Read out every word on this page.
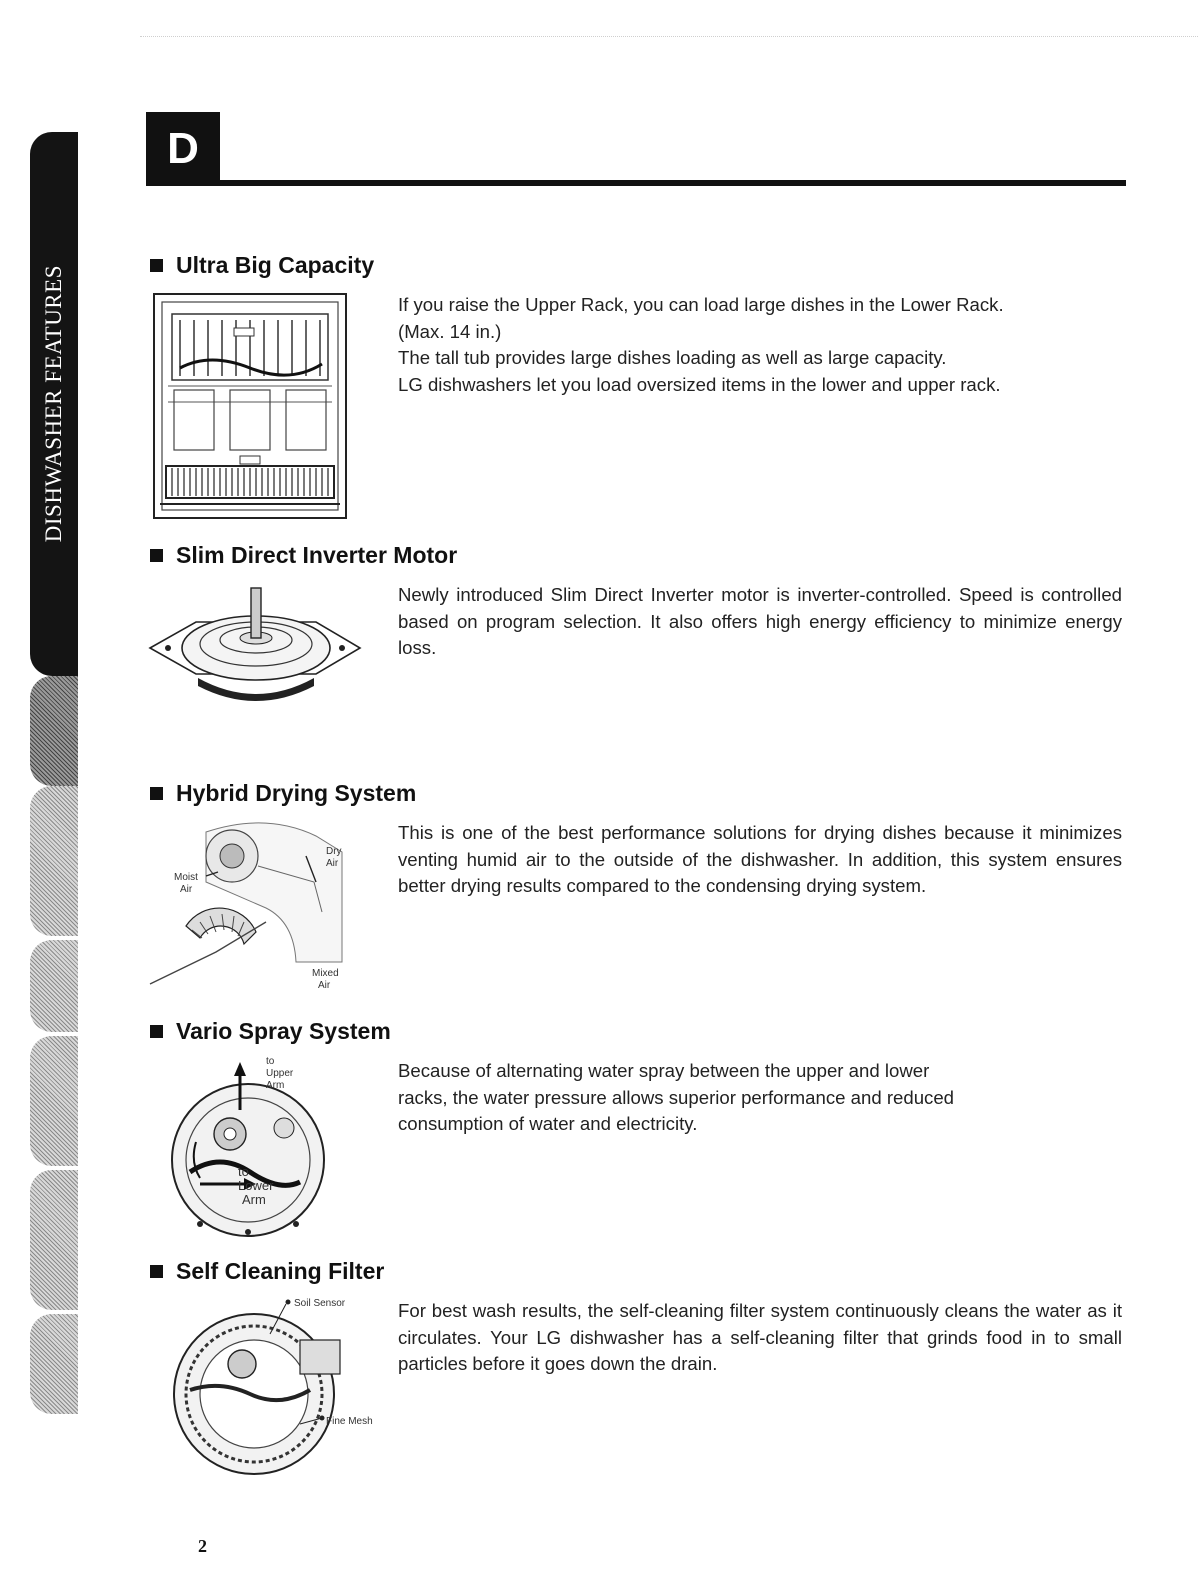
DISHWASHER FEATURES
D
Ultra Big Capacity

If you raise the Upper Rack, you can load large dishes in the Lower Rack.
(Max. 14 in.)
The tall tub provides large dishes loading as well as large capacity.
LG dishwashers let you load oversized items in the lower and upper rack.

Slim Direct Inverter Motor

Newly introduced Slim Direct Inverter motor is inverter-controlled. Speed is controlled based on program selection. It also offers high energy efficiency to minimize energy loss.

Hybrid Drying System

This is one of the best performance solutions for drying dishes because it minimizes venting humid air to the outside of the dishwasher. In addition, this system ensures better drying results compared to the condensing drying system.

Dry
Air
Moist
Air
Mixed
Air
Vario Spray System

Because of alternating water spray between the upper and lower
racks, the water pressure allows superior performance and reduced
consumption of water and electricity.

to
Upper
Arm
to
Lower
Arm
Self Cleaning Filter

For best wash results, the self-cleaning filter system continuously cleans the water as it circulates. Your LG dishwasher has a self-cleaning filter that grinds food in to small particles before it goes down the drain.

Soil Sensor
Fine Mesh
2
